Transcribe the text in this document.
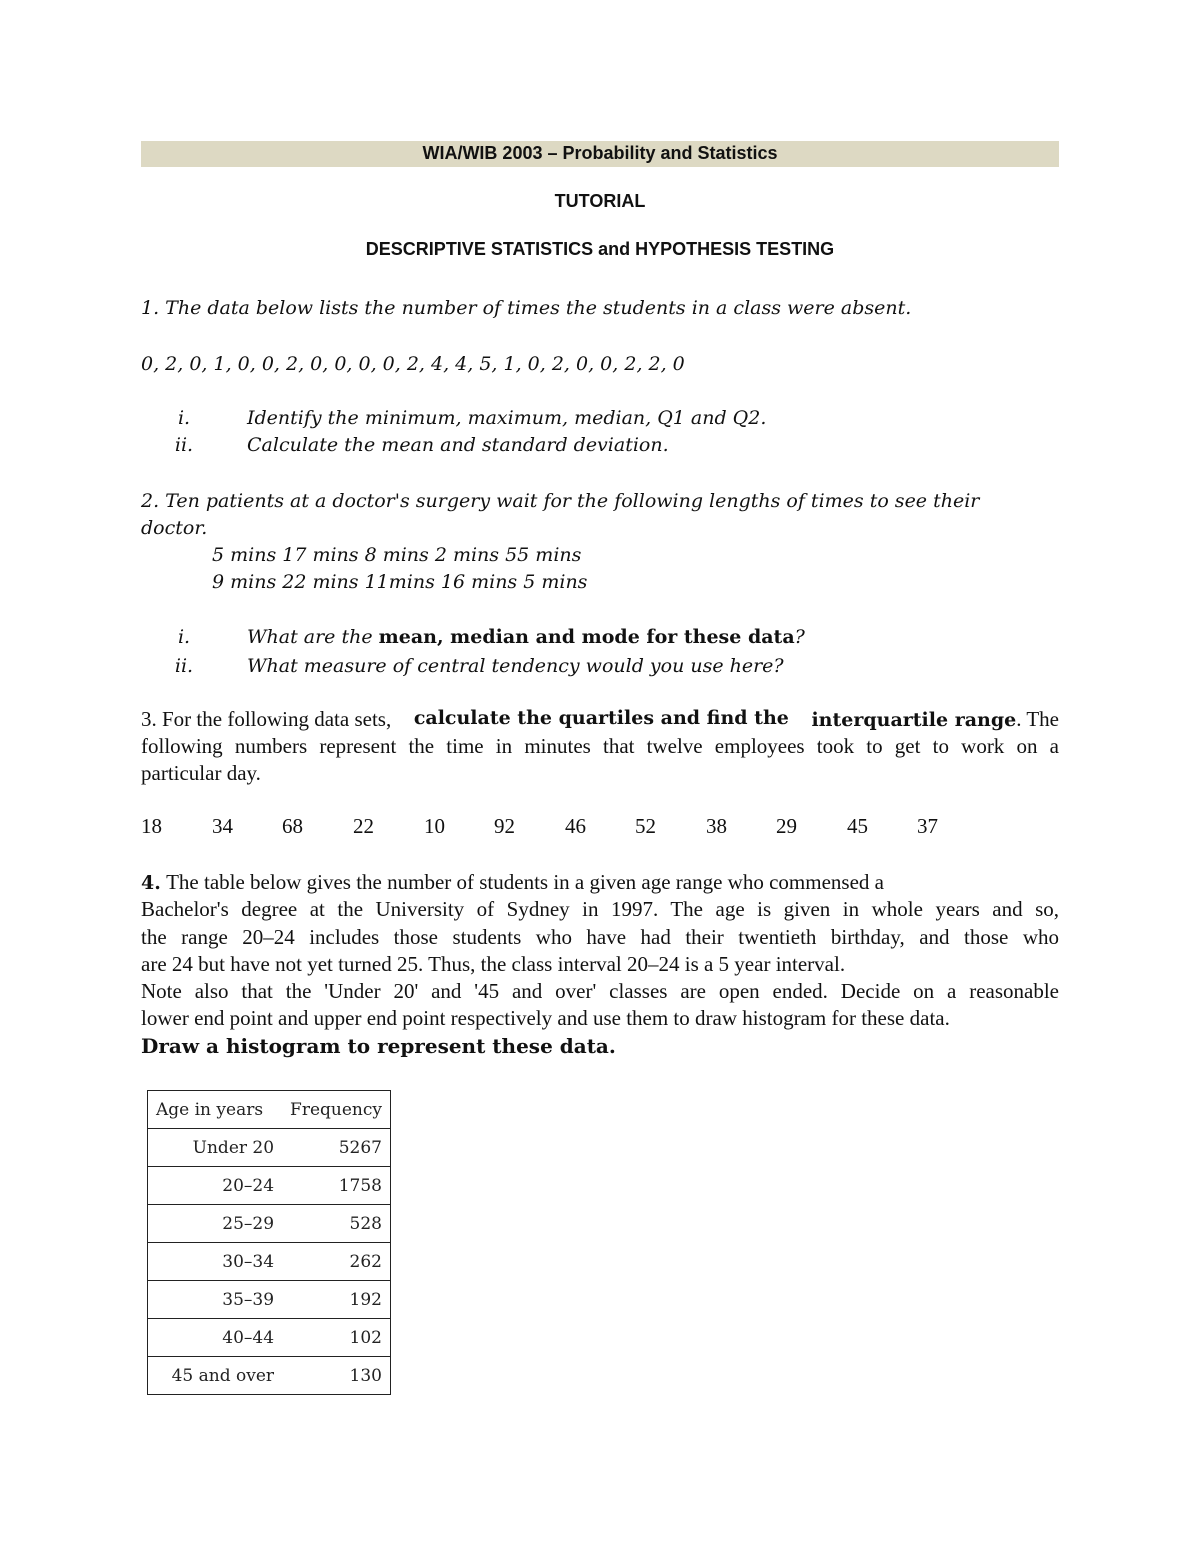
WIA/WIB 2003 – Probability and Statistics
TUTORIAL
DESCRIPTIVE STATISTICS and HYPOTHESIS TESTING
1. The data below lists the number of times the students in a class were absent.
0, 2, 0, 1, 0, 0, 2, 0, 0, 0, 0, 2, 4, 4, 5, 1, 0, 2, 0, 0, 2, 2, 0
i.	Identify the minimum, maximum, median, Q1 and Q2.
ii.	Calculate the mean and standard deviation.
2. Ten patients at a doctor's surgery wait for the following lengths of times to see their
doctor.
5 mins 17 mins 8 mins 2 mins 55 mins
9 mins 22 mins 11mins 16 mins 5 mins
i.	What are the mean, median and mode for these data?
ii.	What measure of central tendency would you use here?
3. For the following data sets, calculate the quartiles and find the interquartile range. The
following numbers represent the time in minutes that twelve employees took to get to work on a
particular day.
18 34 68 22 10 92 46 52 38 29 45 37
4. The table below gives the number of students in a given age range who commensed a
Bachelor's degree at the University of Sydney in 1997. The age is given in whole years and so,
the range 20–24 includes those students who have had their twentieth birthday, and those who
are 24 but have not yet turned 25. Thus, the class interval 20–24 is a 5 year interval.
Note also that the 'Under 20' and '45 and over' classes are open ended. Decide on a reasonable
lower end point and upper end point respectively and use them to draw histogram for these data.
Draw a histogram to represent these data.
Age in years	Frequency
Under 20	5267
20–24	1758
25–29	528
30–34	262
35–39	192
40–44	102
45 and over	130
